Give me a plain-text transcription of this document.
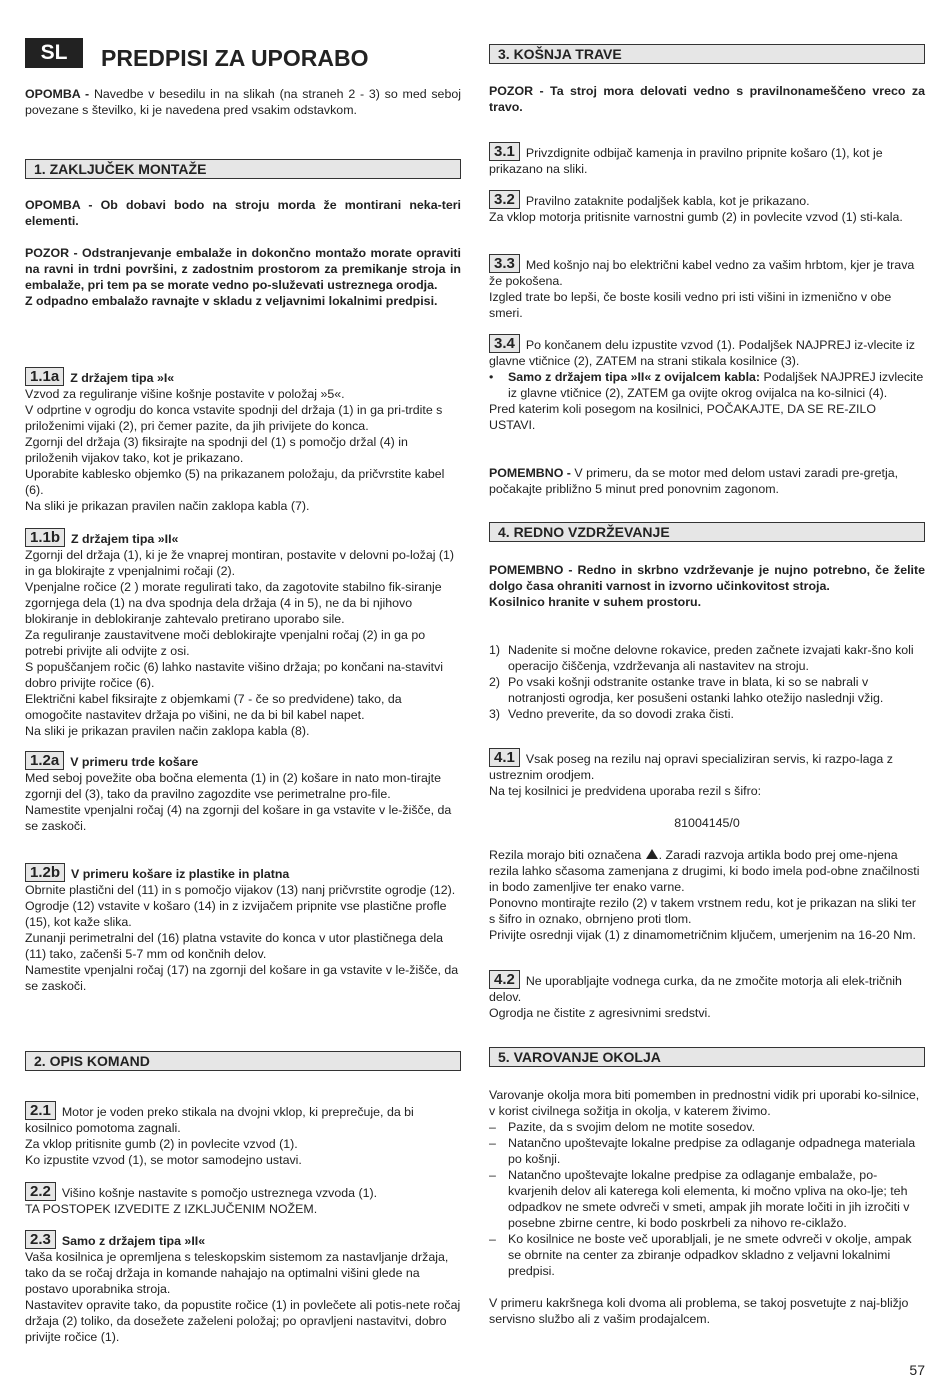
SL	PREDPISI ZA UPORABO

OPOMBA - Navedbe v besedilu in na slikah (na straneh 2 - 3) so med seboj povezane s številko, ki je navedena pred vsakim odstavkom.

1. ZAKLJUČEK MONTAŽE

OPOMBA - Ob dobavi bodo na stroju morda že montirani neka-teri elementi.

POZOR - Odstranjevanje embalaže in dokončno montažo morate opraviti na ravni in trdni površini, z zadostnim prostorom za premikanje stroja in embalaže, pri tem pa se morate vedno po-služevati ustreznega orodja.

Z odpadno embalažo ravnajte v skladu z veljavnimi lokalnimi predpisi.

1.1a Z držajem tipa »I«

Vzvod za reguliranje višine košnje postavite v položaj »5«.

V odprtine v ogrodju do konca vstavite spodnji del držaja (1) in ga pri-trdite s priloženimi vijaki (2), pri čemer pazite, da jih privijete do konca.

Zgornji del držaja (3) fiksirajte na spodnji del (1) s pomočjo držal (4) in priloženih vijakov tako, kot je prikazano.

Uporabite kablesko objemko (5) na prikazanem položaju, da pričvrstite kabel (6).

Na sliki je prikazan pravilen način zaklopa kabla (7).

1.1b Z držajem tipa »II«

Zgornji del držaja (1), ki je že vnaprej montiran, postavite v delovni po-ložaj (1) in ga blokirajte z vpenjalnimi ročaji (2).

Vpenjalne ročice (2 ) morate regulirati tako, da zagotovite stabilno fik-siranje zgornjega dela (1) na dva spodnja dela držaja (4 in 5), ne da bi njihovo blokiranje in deblokiranje zahtevalo pretirano uporabo sile.

Za reguliranje zaustavitvene moči deblokirajte vpenjalni ročaj (2) in ga po potrebi privijte ali odvijte z osi.

S popuščanjem ročic (6) lahko nastavite višino držaja; po končani na-stavitvi dobro privijte ročice (6).

Električni kabel fiksirajte z objemkami (7 - če so predvidene) tako, da omogočite nastavitev držaja po višini, ne da bi bil kabel napet.

Na sliki je prikazan pravilen način zaklopa kabla (8).

1.2a V primeru trde košare

Med seboj povežite oba bočna elementa (1) in (2) košare in nato mon-tirajte zgornji del (3), tako da pravilno zagozdite vse perimetralne pro-file.

Namestite vpenjalni ročaj (4) na zgornji del košare in ga vstavite v le-žišče, da se zaskoči.

1.2b V primeru košare iz plastike in platna

Obrnite plastični del (11) in s pomočjo vijakov (13) nanj pričvrstite ogrodje (12).

Ogrodje (12) vstavite v košaro (14) in z izvijačem pripnite vse plastične profle (15), kot kaže slika.

Zunanji perimetralni del (16) platna vstavite do konca v utor plastičnega dela (11) tako, začenši 5-7 mm od končnih delov.

Namestite vpenjalni ročaj (17) na zgornji del košare in ga vstavite v le-žišče, da se zaskoči.

2. OPIS KOMAND

2.1 Motor je voden preko stikala na dvojni vklop, ki preprečuje, da bi kosilnico pomotoma zagnali.

Za vklop pritisnite gumb (2) in povlecite vzvod (1).

Ko izpustite vzvod (1), se motor samodejno ustavi.

2.2 Višino košnje nastavite s pomočjo ustreznega vzvoda (1).

TA POSTOPEK IZVEDITE Z IZKLJUČENIM NOŽEM.

2.3 Samo z držajem tipa »II«

Vaša kosilnica je opremljena s teleskopskim sistemom za nastavljanje držaja, tako da se ročaj držaja in komande nahajajo na optimalni višini glede na postavo uporabnika stroja.

Nastavitev opravite tako, da popustite ročice (1) in povlečete ali potis-nete ročaj držaja (2) toliko, da dosežete zaželeni položaj; po opravljeni nastavitvi, dobro privijte ročice (1).

3. KOŠNJA TRAVE

POZOR - Ta stroj mora delovati vedno s pravilnonameščeno vreco za travo.

3.1 Privzdignite odbijač kamenja in pravilno pripnite košaro (1), kot je prikazano na sliki.

3.2 Pravilno zataknite podaljšek kabla, kot je prikazano.

Za vklop motorja pritisnite varnostni gumb (2) in povlecite vzvod (1) sti-kala.

3.3 Med košnjo naj bo električni kabel vedno za vašim hrbtom, kjer je trava že pokošena.

Izgled trate bo lepši, če boste kosili vedno pri isti višini in izmenično v obe smeri.

3.4 Po končanem delu izpustite vzvod (1). Podaljšek NAJPREJ iz-vlecite iz glavne vtičnice (2), ZATEM na strani stikala kosilnice (3).

• Samo z držajem tipa »II« z ovijalcem kabla: Podaljšek NAJPREJ izvlecite iz glavne vtičnice (2), ZATEM ga ovijte okrog ovijalca na ko-silnici (4).

Pred katerim koli posegom na kosilnici, POČAKAJTE, DA SE RE-ZILO USTAVI.

POMEMBNO - V primeru, da se motor med delom ustavi zaradi pre-gretja, počakajte približno 5 minut pred ponovnim zagonom.

4. REDNO VZDRŽEVANJE

POMEMBNO - Redno in skrbno vzdrževanje je nujno potrebno, če želite dolgo časa ohraniti varnost in izvorno učinkovitost stroja.

Kosilnico hranite v suhem prostoru.

1) Nadenite si močne delovne rokavice, preden začnete izvajati kakr-šno koli operacijo čiščenja, vzdrževanja ali nastavitev na stroju.
2) Po vsaki košnji odstranite ostanke trave in blata, ki so se nabrali v notranjosti ogrodja, ker posušeni ostanki lahko otežijo naslednji vžig.
3) Vedno preverite, da so dovodi zraka čisti.

4.1 Vsak poseg na rezilu naj opravi specializiran servis, ki razpo-laga z ustreznim orodjem.

Na tej kosilnici je predvidena uporaba rezil s šifro:

81004145/0

Rezila morajo biti označena . Zaradi razvoja artikla bodo prej ome-njena rezila lahko sčasoma zamenjana z drugimi, ki bodo imela pod-obne značilnosti in bodo zamenljive ter enako varne.

Ponovno montirajte rezilo (2) v takem vrstnem redu, kot je prikazan na sliki ter s šifro in oznako, obrnjeno proti tlom.

Privijte osrednji vijak (1) z dinamometričnim ključem, umerjenim na 16-20 Nm.

4.2 Ne uporabljajte vodnega curka, da ne zmočite motorja ali elek-tričnih delov.

Ogrodja ne čistite z agresivnimi sredstvi.

5. VAROVANJE OKOLJA

Varovanje okolja mora biti pomemben in prednostni vidik pri uporabi ko-silnice, v korist civilnega sožitja in okolja, v katerem živimo.

– Pazite, da s svojim delom ne motite sosedov.
– Natančno upoštevajte lokalne predpise za odlaganje odpadnega materiala po košnji.
– Natančno upoštevajte lokalne predpise za odlaganje embalaže, po-kvarjenih delov ali katerega koli elementa, ki močno vpliva na oko-lje; teh odpadkov ne smete odvreči v smeti, ampak jih morate ločiti in jih izročiti v posebne zbirne centre, ki bodo poskrbeli za nihovo re-ciklažo.
– Ko kosilnice ne boste več uporabljali, je ne smete odvreči v okolje, ampak se obrnite na center za zbiranje odpadkov skladno z veljavni lokalnimi predpisi.

V primeru kakršnega koli dvoma ali problema, se takoj posvetujte z naj-bližjo servisno službo ali z vašim prodajalcem.

57
